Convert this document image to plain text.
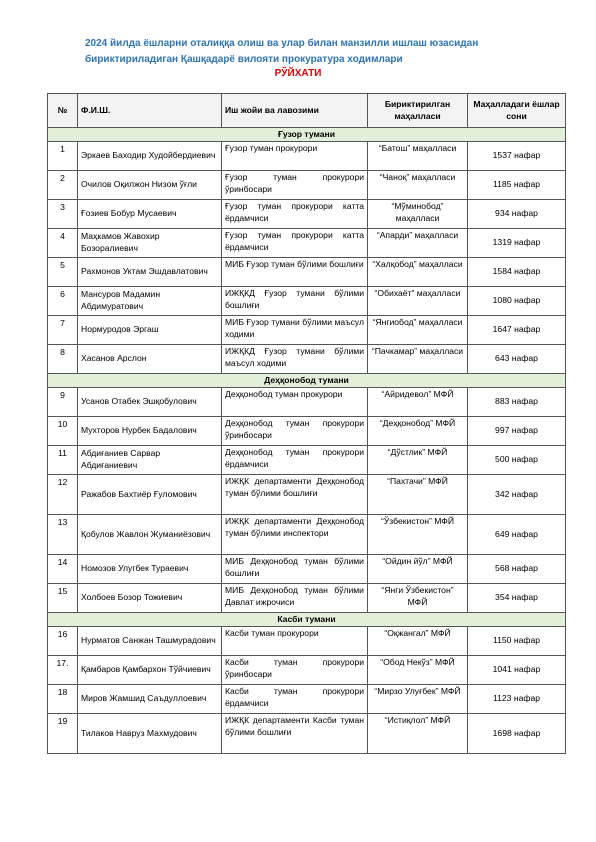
2024 йилда ёшларни оталиққа олиш ва улар билан манзилли ишлаш юзасидан
бириктириладиган Қашқадарё вилояти прокуратура ходимлари
РЎЙХАТИ
№	Ф.И.Ш.	Иш жойи ва лавозими	Бириктирилган маҳалласи	Маҳалладаги ёшлар сони
Ғузор тумани				
1	Эркаев Баходир Худойбердиевич	Ғузор туман прокурори	“Батош” маҳалласи	1537 нафар
2	Очилов Оқилжон Низом ўғли	Ғузор туман прокурори ўринбосари	“Чаноқ” маҳалласи	1185 нафар
3	Ғозиев Бобур Мусаевич	Ғузор туман прокурори катта ёрдамчиси	“Мўминобод” маҳалласи	934 нафар
4	Маҳкамов Жавохир Бозоралиевич	Ғузор туман прокурори катта ёрдамчиси	“Апарди” маҳалласи	1319 нафар
5	Рахмонов Уктам Эшдавлатович	МИБ Ғузор туман бўлими бошлиғи	“Халқобод” маҳалласи	1584 нафар
6	Мансуров Мадамин Абдимуратович	ИЖҚКД Ғузор тумани бўлими бошлиғи	“Обихаёт” маҳалласи	1080 нафар
7	Нормуродов Эргаш	МИБ Ғузор тумани бўлими маъсул ходими	“Янгиобод” маҳалласи	1647 нафар
8	Хасанов Арслон	ИЖҚКД Ғузор тумани бўлими маъсул ходими	“Пачкамар” маҳалласи	643 нафар
Деҳқонобод тумани				
9	Усанов Отабек Эшқобулович	Деҳқонобод туман прокурори	“Айридевол” МФЙ	883 нафар
10	Мухторов Нурбек Бадалович	Деҳқонобод туман прокурори ўринбосари	“Деҳқонобод” МФЙ	997 нафар
11	Абдиғаниев Сарвар Абдиғаниевич	Деҳқонобод туман прокурори ёрдамчиси	“Дўстлик” МФЙ	500 нафар
12	Ражабов Бахтиёр Ғуломович	ИЖҚК департаменти Деҳқонобод туман бўлими бошлиғи	“Пахтачи” МФЙ	342 нафар
13	Қобулов Жавлон Жуманиёзович	ИЖҚК департаменти Деҳқонобод туман бўлими инспектори	“Ўзбекистон” МФЙ	649 нафар
14	Номозов Улугбек Тураевич	МИБ Деҳқонобод туман бўлими бошлиғи	“Ойдин йўл” МФЙ	568 нафар
15	Холбоев Бозор Тожиевич	МИБ Деҳқонобод туман бўлими Давлат ижрочиси	“Янги Ўзбекистон” МФЙ	354 нафар
Касби тумани				
16	Нурматов Санжан Ташмурадович	Касби туман прокурори	“Оқжангал” МФЙ	1150 нафар
17.	Қамбаров Қамбархон Тўйчиевич	Касби туман прокурори ўринбосари	“Обод Некўз” МФЙ	1041 нафар
18	Миров Жамшид Саъдуллоевич	Касби туман прокурори ёрдамчиси	“Мирзо Улуғбек” МФЙ	1123 нафар
19	Тилаков Навруз Махмудович	ИЖҚК департаменти Касби туман бўлими бошлиғи	“Истиқлол” МФЙ	1698 нафар
